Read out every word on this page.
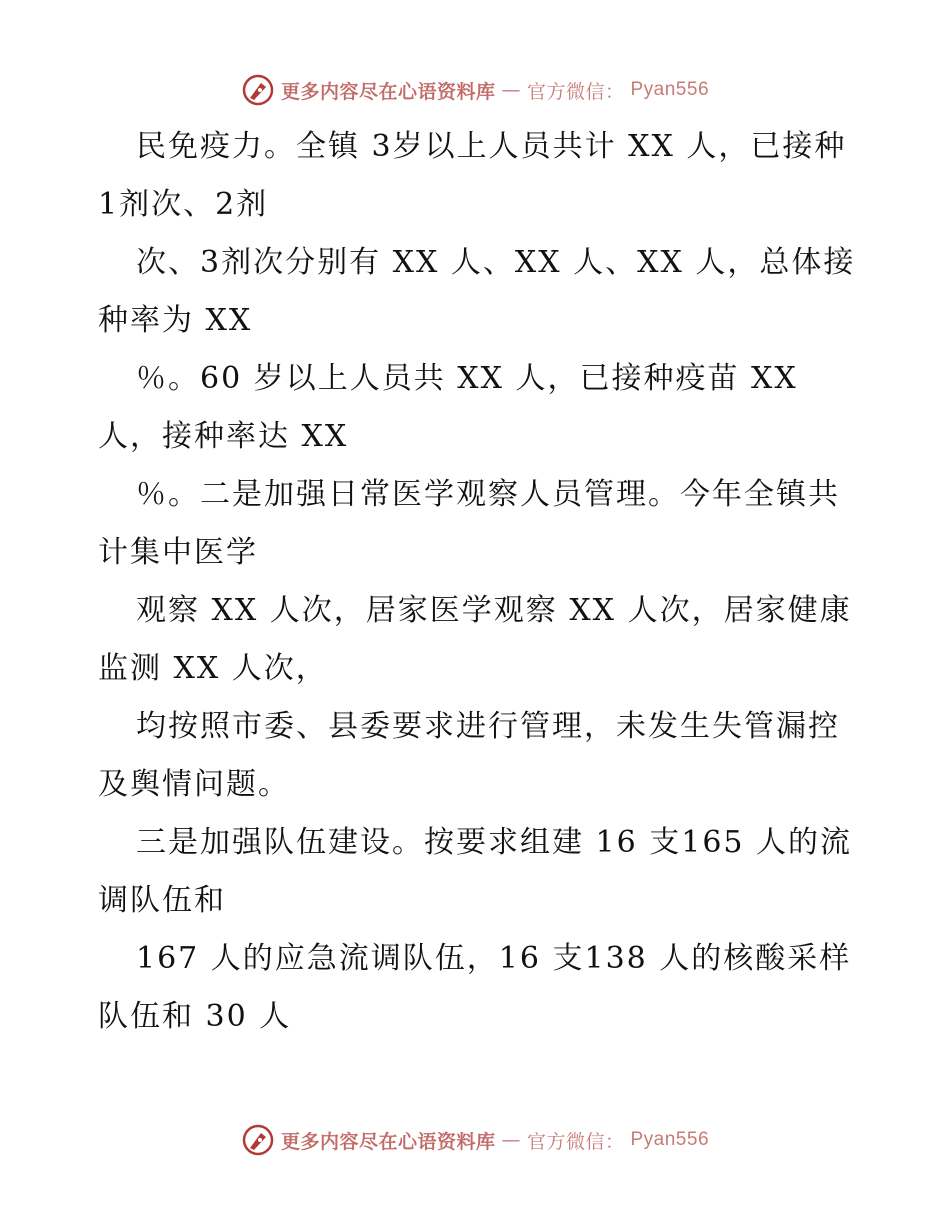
更多内容尽在心语资料库 — 官方微信： Pyan556

民免疫力。全镇 3岁以上人员共计 XX 人，已接种 1剂次、2剂

次、3剂次分别有 XX 人、XX 人、XX 人，总体接种率为 XX

％。60 岁以上人员共 XX 人，已接种疫苗 XX 人，接种率达 XX

％。二是加强日常医学观察人员管理。今年全镇共计集中医学

观察 XX 人次，居家医学观察 XX 人次，居家健康监测 XX 人次，

均按照市委、县委要求进行管理，未发生失管漏控及舆情问题。

三是加强队伍建设。按要求组建 16 支165 人的流调队伍和

167 人的应急流调队伍，16 支138 人的核酸采样队伍和 30 人

更多内容尽在心语资料库 — 官方微信： Pyan556
